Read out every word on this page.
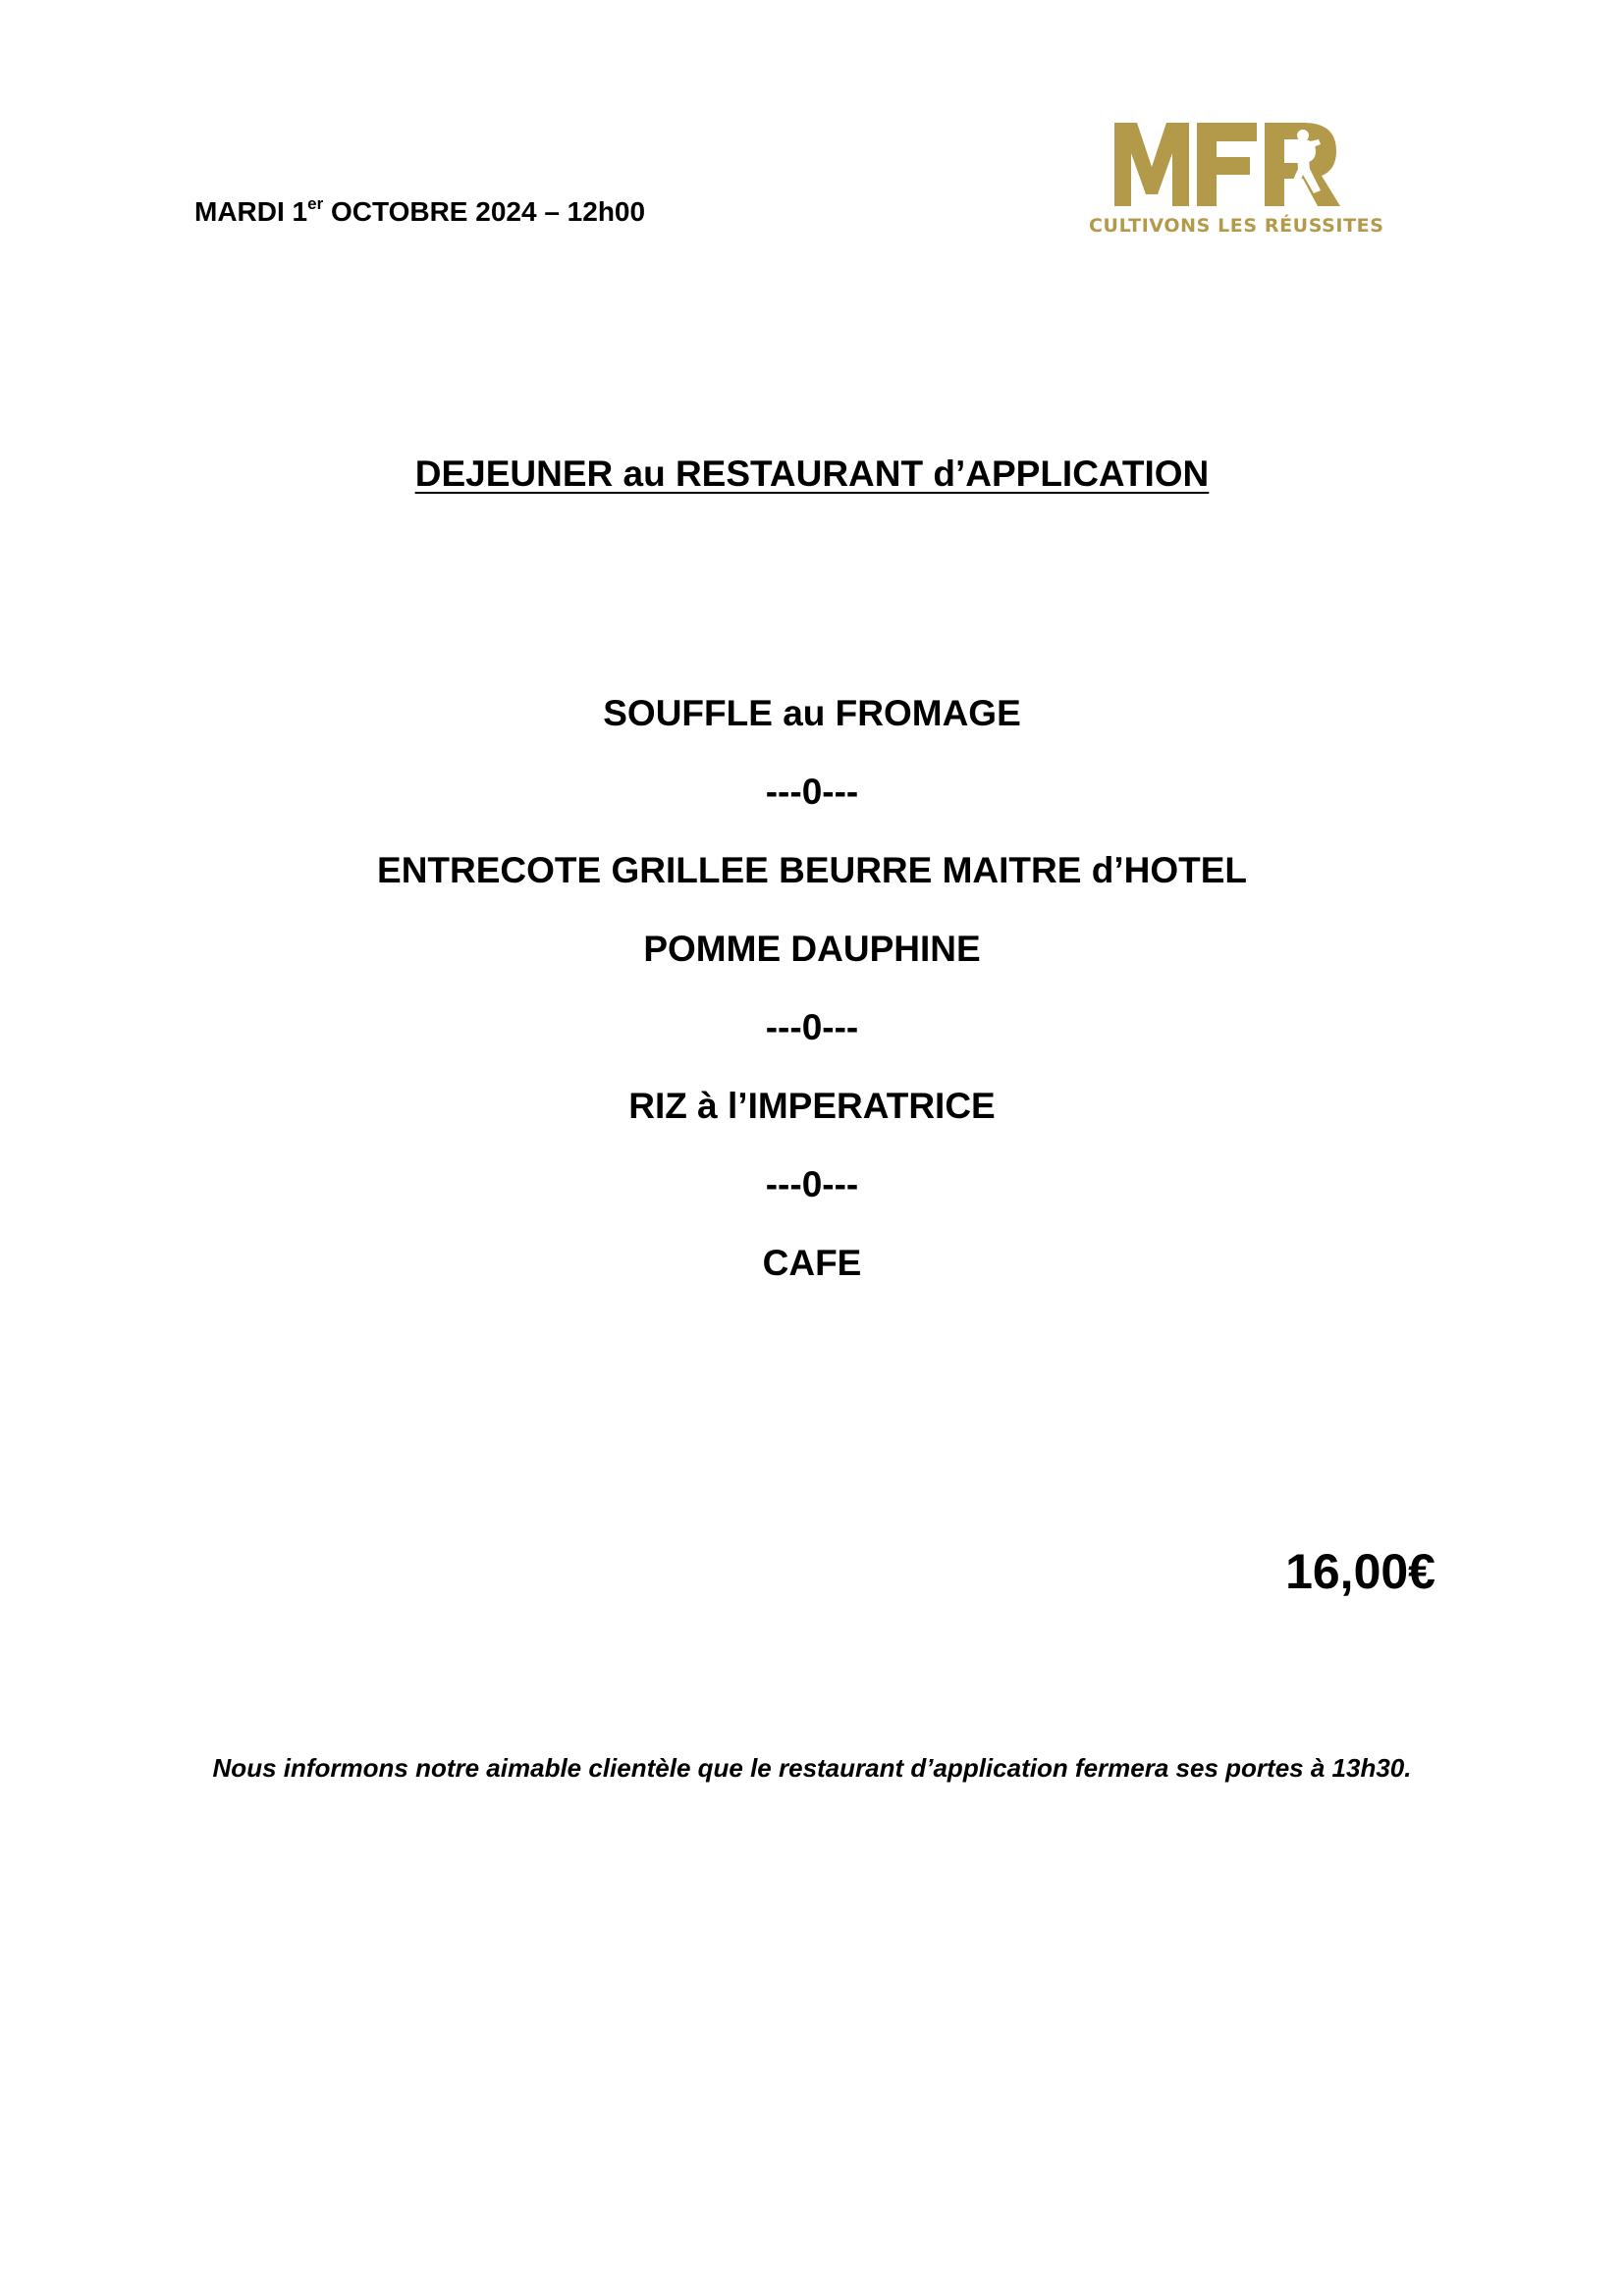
MARDI 1er OCTOBRE 2024 – 12h00	CULTIVONS LES RÉUSSITES
DEJEUNER au RESTAURANT d’APPLICATION
SOUFFLE au FROMAGE
---0---
ENTRECOTE GRILLEE BEURRE MAITRE d’HOTEL
POMME DAUPHINE
---0---
RIZ à l’IMPERATRICE
---0---
CAFE
16,00€
Nous informons notre aimable clientèle que le restaurant d’application fermera ses portes à 13h30.
